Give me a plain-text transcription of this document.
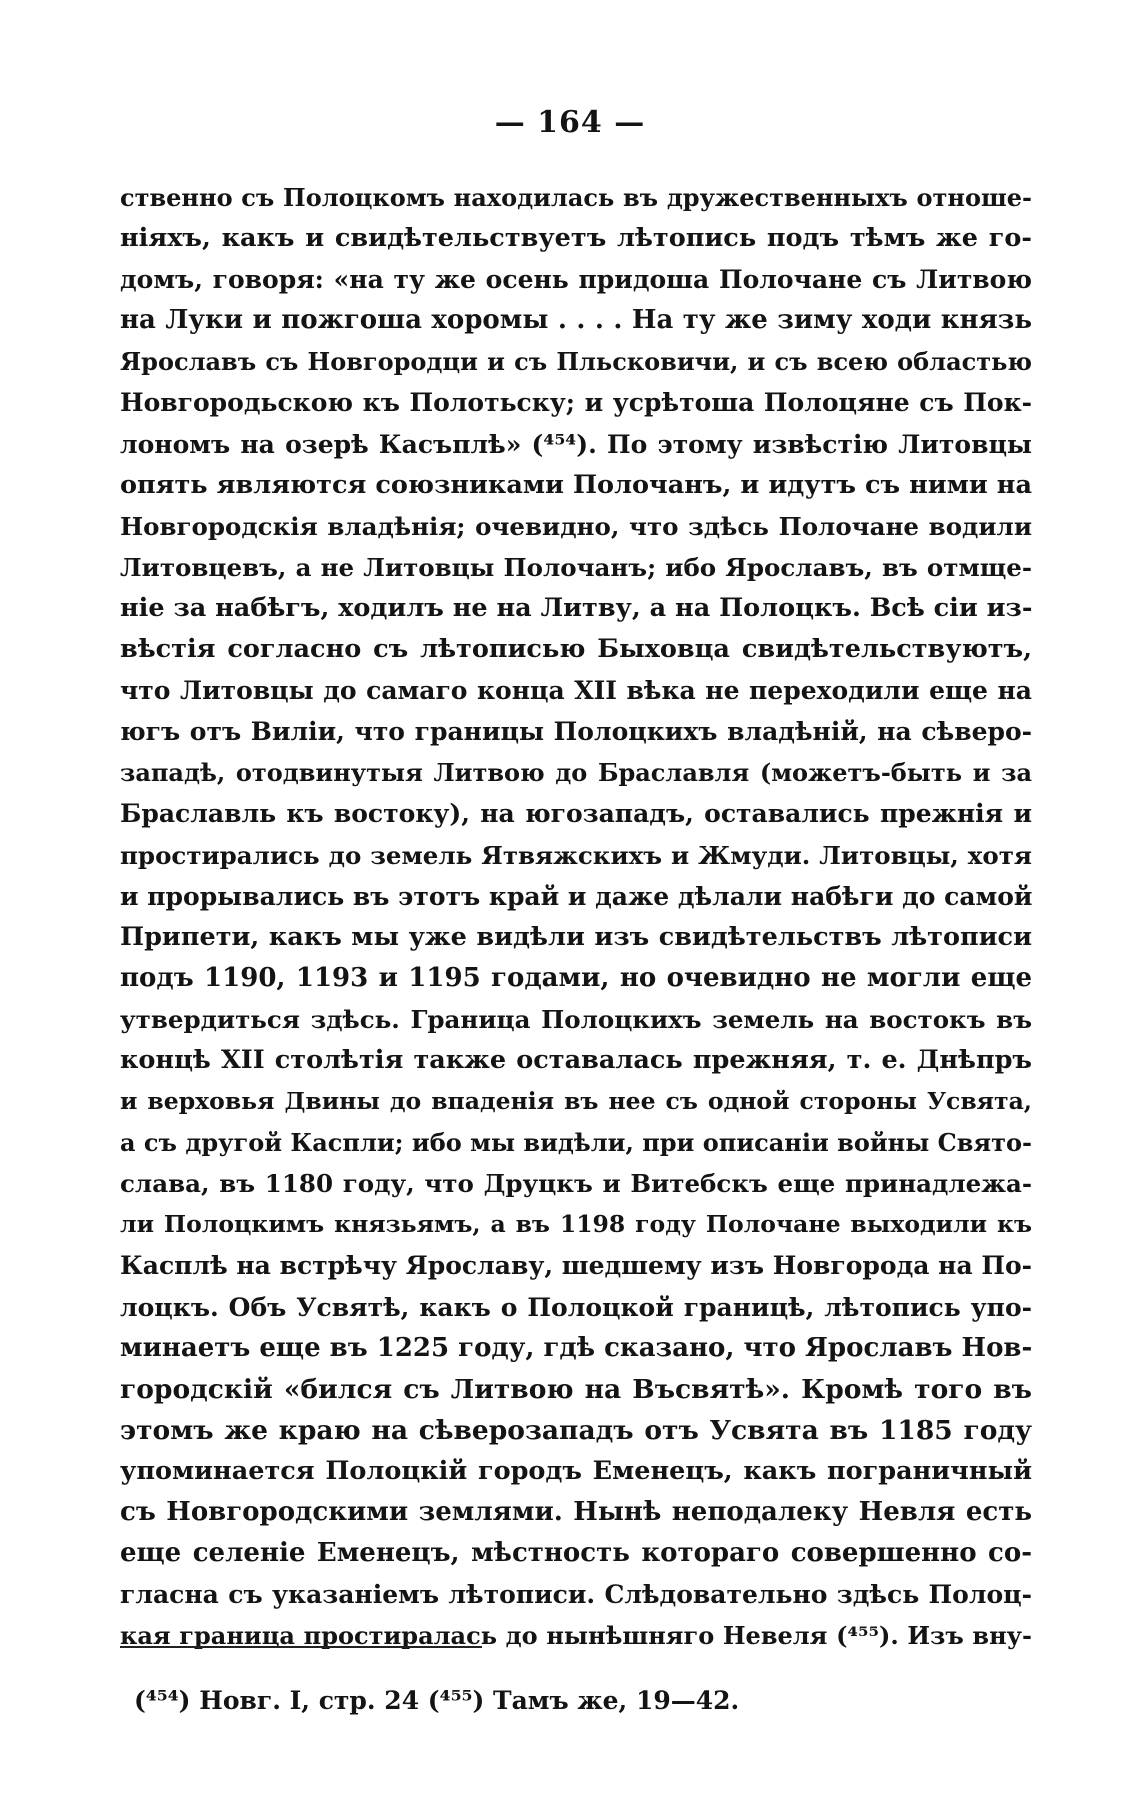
— 164 —
ственно съ Полоцкомъ находилась въ дружественныхъ отноше-
ніяхъ, какъ и свидѣтельствуетъ лѣтопись подъ тѣмъ же го-
домъ, говоря: «на ту же осень придоша Полочане съ Литвою
на Луки и пожгоша хоромы . . . . На ту же зиму ходи князь
Ярославъ съ Новгородци и съ Пльсковичи, и съ всею областью
Новгородьскою къ Полотьску; и усрѣтоша Полоцяне съ Пок-
лономъ на озерѣ Касъплѣ» (⁴⁵⁴). По этому извѣстію Литовцы
опять являются союзниками Полочанъ, и идутъ съ ними на
Новгородскія владѣнія; очевидно, что здѣсь Полочане водили
Литовцевъ, а не Литовцы Полочанъ; ибо Ярославъ, въ отмще-
ніе за набѣгъ, ходилъ не на Литву, а на Полоцкъ. Всѣ сіи из-
вѣстія согласно съ лѣтописью Быховца свидѣтельствуютъ,
что Литовцы до самаго конца XII вѣка не переходили еще на
югъ отъ Виліи, что границы Полоцкихъ владѣній, на сѣверо-
западѣ, отодвинутыя Литвою до Браславля (можетъ-быть и за
Браславль къ востоку), на югозападъ, оставались прежнія и
простирались до земель Ятвяжскихъ и Жмуди. Литовцы, хотя
и прорывались въ этотъ край и даже дѣлали набѣги до самой
Припети, какъ мы уже видѣли изъ свидѣтельствъ лѣтописи
подъ 1190, 1193 и 1195 годами, но очевидно не могли еще
утвердиться здѣсь. Граница Полоцкихъ земель на востокъ въ
концѣ XII столѣтія также оставалась прежняя, т. е. Днѣпръ
и верховья Двины до впаденія въ нее съ одной стороны Усвята,
а съ другой Каспли; ибо мы видѣли, при описаніи войны Свято-
слава, въ 1180 году, что Друцкъ и Витебскъ еще принадлежа-
ли Полоцкимъ князьямъ, а въ 1198 году Полочане выходили къ
Касплѣ на встрѣчу Ярославу, шедшему изъ Новгорода на По-
лоцкъ. Объ Усвятѣ, какъ о Полоцкой границѣ, лѣтопись упо-
минаетъ еще въ 1225 году, гдѣ сказано, что Ярославъ Нов-
городскій «бился съ Литвою на Въсвятѣ». Кромѣ того въ
этомъ же краю на сѣверозападъ отъ Усвята въ 1185 году
упоминается Полоцкій городъ Еменецъ, какъ пограничный
съ Новгородскими землями. Нынѣ неподалеку Невля есть
еще селеніе Еменецъ, мѣстность котораго совершенно со-
гласна съ указаніемъ лѣтописи. Слѣдовательно здѣсь Полоц-
кая граница простиралась до нынѣшняго Невеля (⁴⁵⁵). Изъ вну-
(⁴⁵⁴) Новг. I, стр. 24 (⁴⁵⁵) Тамъ же, 19—42.
